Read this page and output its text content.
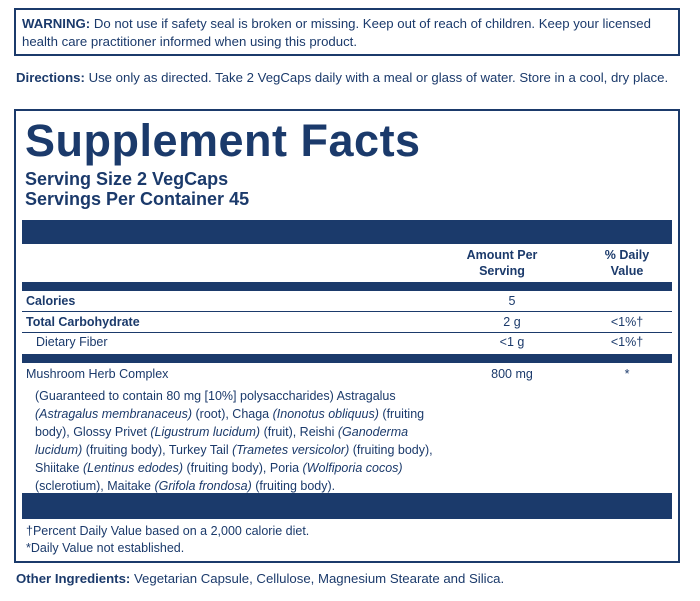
WARNING: Do not use if safety seal is broken or missing. Keep out of reach of children. Keep your licensed health care practitioner informed when using this product.
Directions: Use only as directed. Take 2 VegCaps daily with a meal or glass of water. Store in a cool, dry place.
Supplement Facts
Serving Size 2 VegCaps
Servings Per Container 45
Amount Per Serving
% Daily Value
Calories	5
Total Carbohydrate	2 g	<1%†
Dietary Fiber	<1 g	<1%†
Mushroom Herb Complex	800 mg	*
(Guaranteed to contain 80 mg [10%] polysaccharides) Astragalus (Astragalus membranaceus) (root), Chaga (Inonotus obliquus) (fruiting body), Glossy Privet (Ligustrum lucidum) (fruit), Reishi (Ganoderma lucidum) (fruiting body), Turkey Tail (Trametes versicolor) (fruiting body), Shiitake (Lentinus edodes) (fruiting body), Poria (Wolfiporia cocos) (sclerotium), Maitake (Grifola frondosa) (fruiting body).
†Percent Daily Value based on a 2,000 calorie diet.
*Daily Value not established.
Other Ingredients: Vegetarian Capsule, Cellulose, Magnesium Stearate and Silica.
